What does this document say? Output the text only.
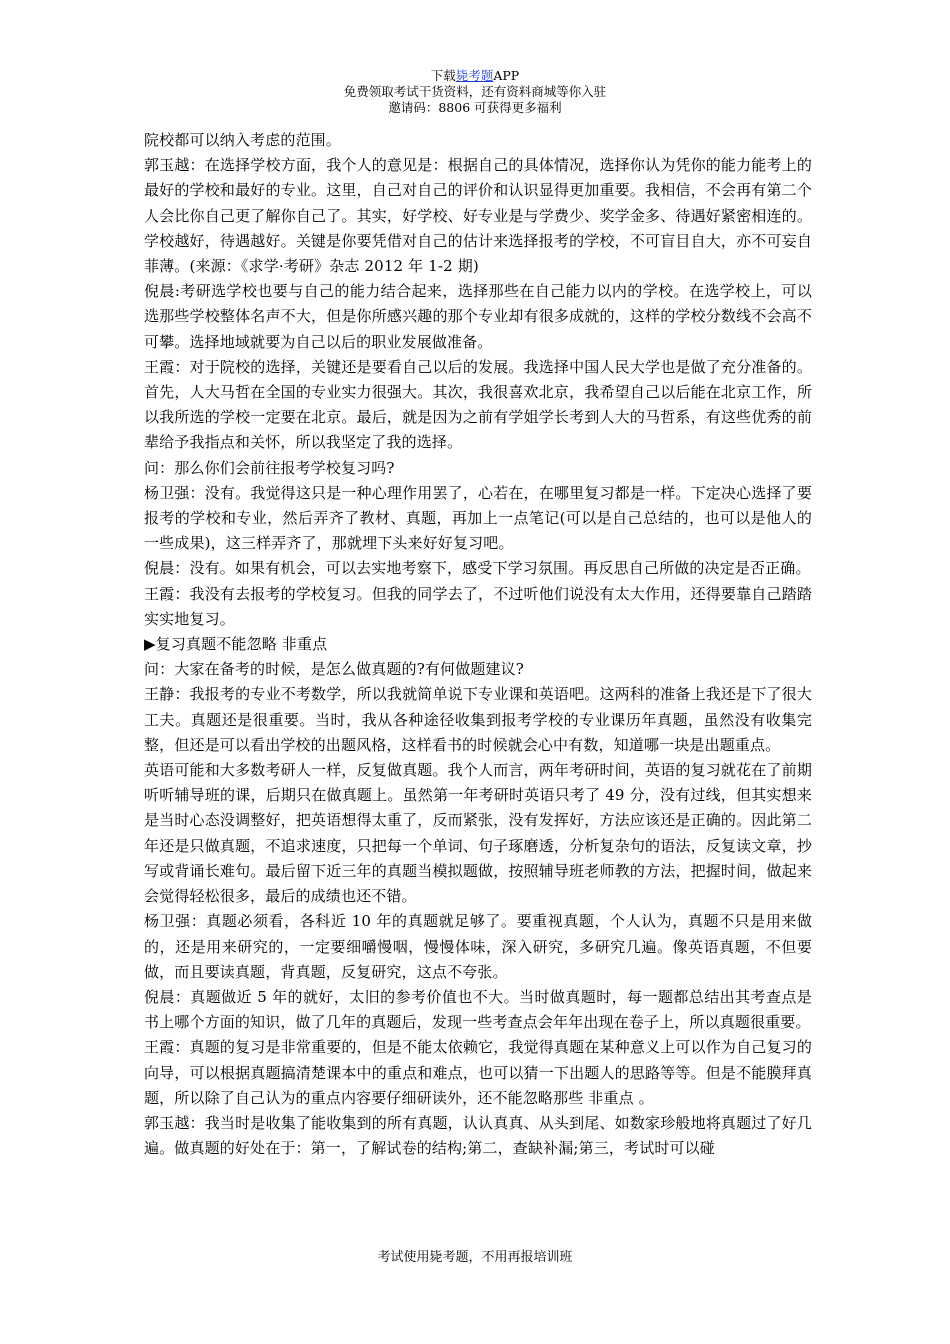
下载毙考题APP
免费领取考试干货资料，还有资料商城等你入驻
邀请码：8806 可获得更多福利

院校都可以纳入考虑的范围。

郭玉越：在选择学校方面，我个人的意见是：根据自己的具体情况，选择你认为凭你的能力能考上的最好的学校和最好的专业。这里，自己对自己的评价和认识显得更加重要。我相信，不会再有第二个人会比你自己更了解你自己了。其实，好学校、好专业是与学费少、奖学金多、待遇好紧密相连的。学校越好，待遇越好。关键是你要凭借对自己的估计来选择报考的学校，不可盲目自大，亦不可妄自菲薄。(来源：《求学·考研》杂志 2012 年 1-2 期)

倪晨:考研选学校也要与自己的能力结合起来，选择那些在自己能力以内的学校。在选学校上，可以选那些学校整体名声不大，但是你所感兴趣的那个专业却有很多成就的，这样的学校分数线不会高不可攀。选择地域就要为自己以后的职业发展做准备。

王霞：对于院校的选择，关键还是要看自己以后的发展。我选择中国人民大学也是做了充分准备的。首先，人大马哲在全国的专业实力很强大。其次，我很喜欢北京，我希望自己以后能在北京工作，所以我所选的学校一定要在北京。最后，就是因为之前有学姐学长考到人大的马哲系，有这些优秀的前辈给予我指点和关怀，所以我坚定了我的选择。

问：那么你们会前往报考学校复习吗?

杨卫强：没有。我觉得这只是一种心理作用罢了，心若在，在哪里复习都是一样。下定决心选择了要报考的学校和专业，然后弄齐了教材、真题，再加上一点笔记(可以是自己总结的，也可以是他人的一些成果)，这三样弄齐了，那就埋下头来好好复习吧。

倪晨：没有。如果有机会，可以去实地考察下，感受下学习氛围。再反思自己所做的决定是否正确。

王霞：我没有去报考的学校复习。但我的同学去了，不过听他们说没有太大作用，还得要靠自己踏踏实实地复习。

▶复习真题不能忽略 非重点

问：大家在备考的时候，是怎么做真题的?有何做题建议?

王静：我报考的专业不考数学，所以我就简单说下专业课和英语吧。这两科的准备上我还是下了很大工夫。真题还是很重要。当时，我从各种途径收集到报考学校的专业课历年真题，虽然没有收集完整，但还是可以看出学校的出题风格，这样看书的时候就会心中有数，知道哪一块是出题重点。

英语可能和大多数考研人一样，反复做真题。我个人而言，两年考研时间，英语的复习就花在了前期听听辅导班的课，后期只在做真题上。虽然第一年考研时英语只考了 49 分，没有过线，但其实想来是当时心态没调整好，把英语想得太重了，反而紧张，没有发挥好，方法应该还是正确的。因此第二年还是只做真题，不追求速度，只把每一个单词、句子琢磨透，分析复杂句的语法，反复读文章，抄写或背诵长难句。最后留下近三年的真题当模拟题做，按照辅导班老师教的方法，把握时间，做起来会觉得轻松很多，最后的成绩也还不错。

杨卫强：真题必须看，各科近 10 年的真题就足够了。要重视真题，个人认为，真题不只是用来做的，还是用来研究的，一定要细嚼慢咽，慢慢体味，深入研究，多研究几遍。像英语真题，不但要做，而且要读真题，背真题，反复研究，这点不夸张。

倪晨：真题做近 5 年的就好，太旧的参考价值也不大。当时做真题时，每一题都总结出其考查点是书上哪个方面的知识，做了几年的真题后，发现一些考查点会年年出现在卷子上，所以真题很重要。

王霞：真题的复习是非常重要的，但是不能太依赖它，我觉得真题在某种意义上可以作为自己复习的向导，可以根据真题搞清楚课本中的重点和难点，也可以猜一下出题人的思路等等。但是不能膜拜真题，所以除了自己认为的重点内容要仔细研读外，还不能忽略那些 非重点 。

郭玉越：我当时是收集了能收集到的所有真题，认认真真、从头到尾、如数家珍般地将真题过了好几遍。做真题的好处在于：第一，了解试卷的结构;第二，查缺补漏;第三，考试时可以碰

考试使用毙考题，不用再报培训班
